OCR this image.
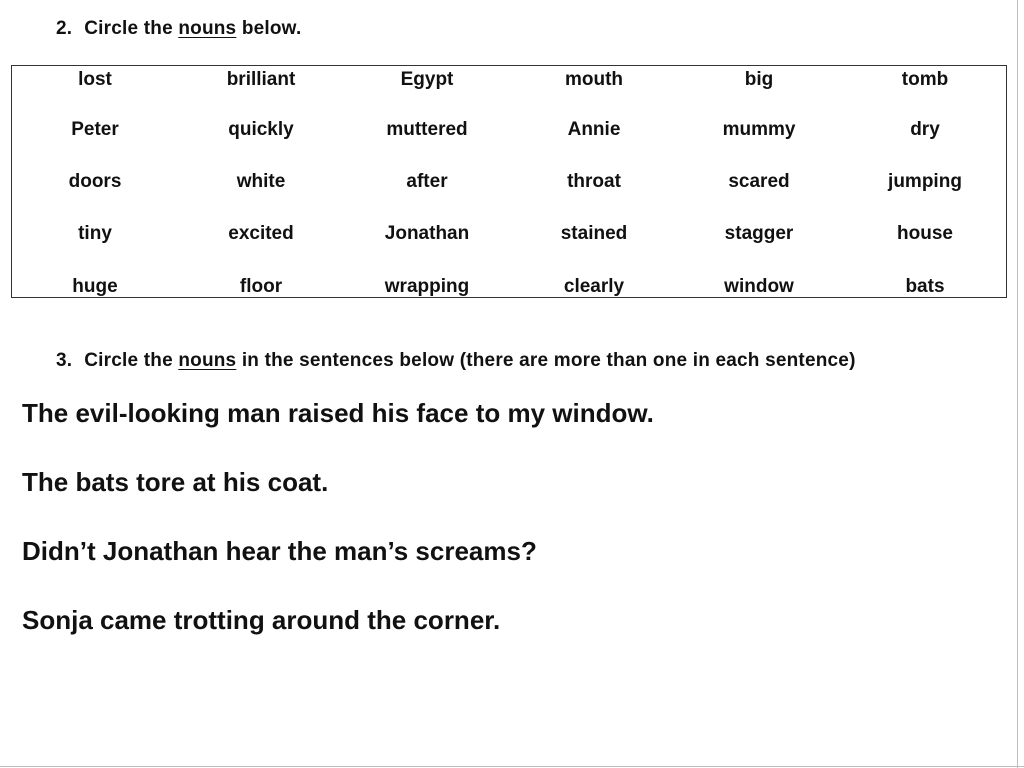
2. Circle the nouns below.
lost	brilliant	Egypt	mouth	big	tomb
Peter	quickly	muttered	Annie	mummy	dry
doors	white	after	throat	scared	jumping
tiny	excited	Jonathan	stained	stagger	house
huge	floor	wrapping	clearly	window	bats
3. Circle the nouns in the sentences below (there are more than one in each sentence)
The evil-looking man raised his face to my window.
The bats tore at his coat.
Didn’t Jonathan hear the man’s screams?
Sonja came trotting around the corner.
